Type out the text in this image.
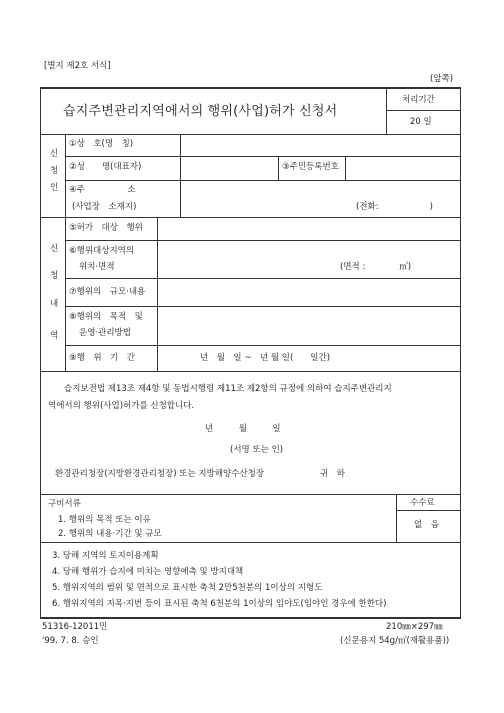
[별지 제2호 서식]
(앞쪽)
습지주변관리지역에서의 행위(사업)허가 신청서
처리기간
20 일
신
청
인
①상　호(명　칭)
②성　　명(대표자)	③주민등록번호
④주　　　　　소
(사업장　소재지)	(전화:　　　　　　)
신
청
내
역
⑤허가　대상　행위
⑥행위대상지역의
위치·면적	(면적 :　　　　㎡)
⑦행위의　규모·내용
⑧행위의　목적　및
운영·관리방법
⑨행　위　기　간	년　월　일 ~　년 월 일(　　일간)
습지보전법 제13조 제4항 및 동법시행령 제11조 제2항의 규정에 의하여 습지주변관리지
역에서의 행위(사업)허가를 신청합니다.
년　　　월　　　일
(서명 또는 인)
환경관리청장(지방환경관리청장) 또는 지방해양수산청장	귀　하
구비서류	수수료
없　음
1. 행위의 목적 또는 이유
2. 행위의 내용·기간 및 규모
3. 당해 지역의 토지이용계획
4. 당해 행위가 습지에 미치는 영향예측 및 방지대책
5. 행위지역의 범위 및 면적으로 표시한 축척 2만5천분의 1이상의 지형도
6. 행위지역의 지목·지번 등이 표시된 축척 6천분의 1이상의 임야도(임야인 경우에 한한다)
51316-12011민
'99. 7. 8. 승인
210㎜×297㎜
(신문용지 54g/㎡(재활용품))
